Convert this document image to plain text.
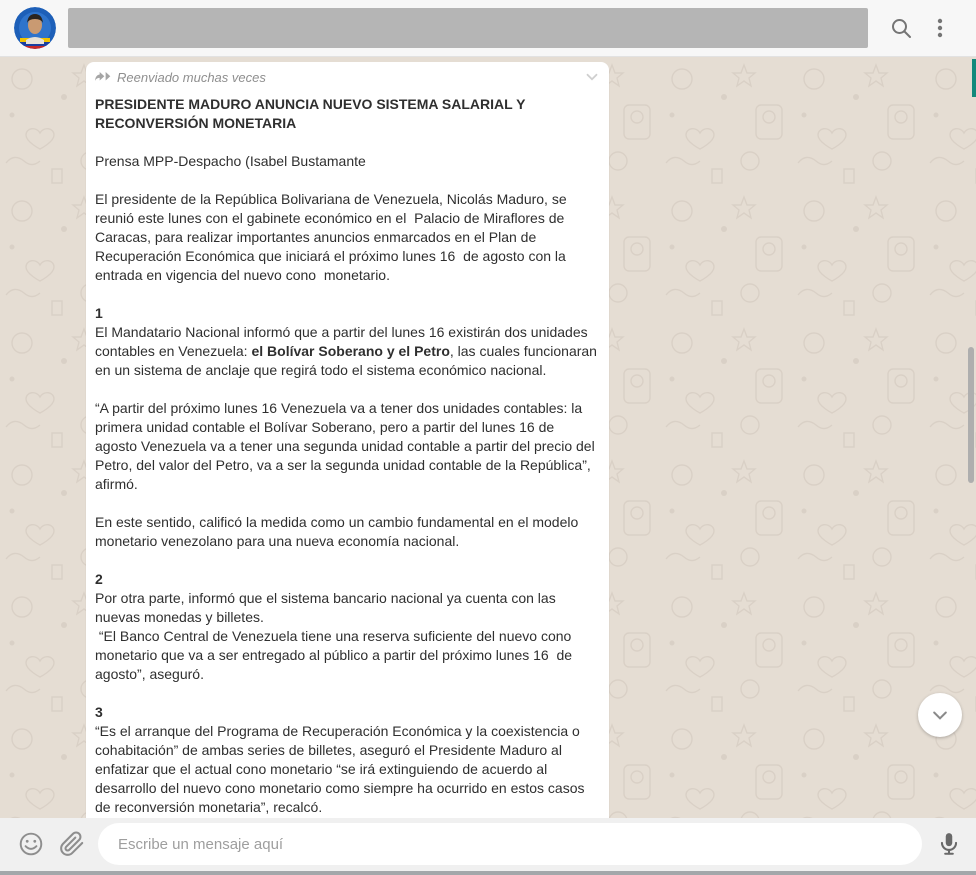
Reenviado muchas veces

PRESIDENTE MADURO ANUNCIA NUEVO SISTEMA SALARIAL Y RECONVERSIÓN MONETARIA

Prensa MPP-Despacho (Isabel Bustamante

El presidente de la República Bolivariana de Venezuela, Nicolás Maduro, se reunió este lunes con el gabinete económico en el  Palacio de Miraflores de Caracas, para realizar importantes anuncios enmarcados en el Plan de Recuperación Económica que iniciará el próximo lunes 16  de agosto con la entrada en vigencia del nuevo cono  monetario.

1
El Mandatario Nacional informó que a partir del lunes 16 existirán dos unidades contables en Venezuela: el Bolívar Soberano y el Petro, las cuales funcionaran en un sistema de anclaje que regirá todo el sistema económico nacional.

“A partir del próximo lunes 16 Venezuela va a tener dos unidades contables: la primera unidad contable el Bolívar Soberano, pero a partir del lunes 16 de agosto Venezuela va a tener una segunda unidad contable a partir del precio del Petro, del valor del Petro, va a ser la segunda unidad contable de la República”, afirmó.

En este sentido, calificó la medida como un cambio fundamental en el modelo monetario venezolano para una nueva economía nacional.

2
Por otra parte, informó que el sistema bancario nacional ya cuenta con las nuevas monedas y billetes.
“El Banco Central de Venezuela tiene una reserva suficiente del nuevo cono monetario que va a ser entregado al público a partir del próximo lunes 16  de agosto”, aseguró.

3
“Es el arranque del Programa de Recuperación Económica y la coexistencia o cohabitación” de ambas series de billetes, aseguró el Presidente Maduro al enfatizar que el actual cono monetario “se irá extinguiendo de acuerdo al desarrollo del nuevo cono monetario como siempre ha ocurrido en estos casos de reconversión monetaria”, recalcó.

Escribe un mensaje aquí
